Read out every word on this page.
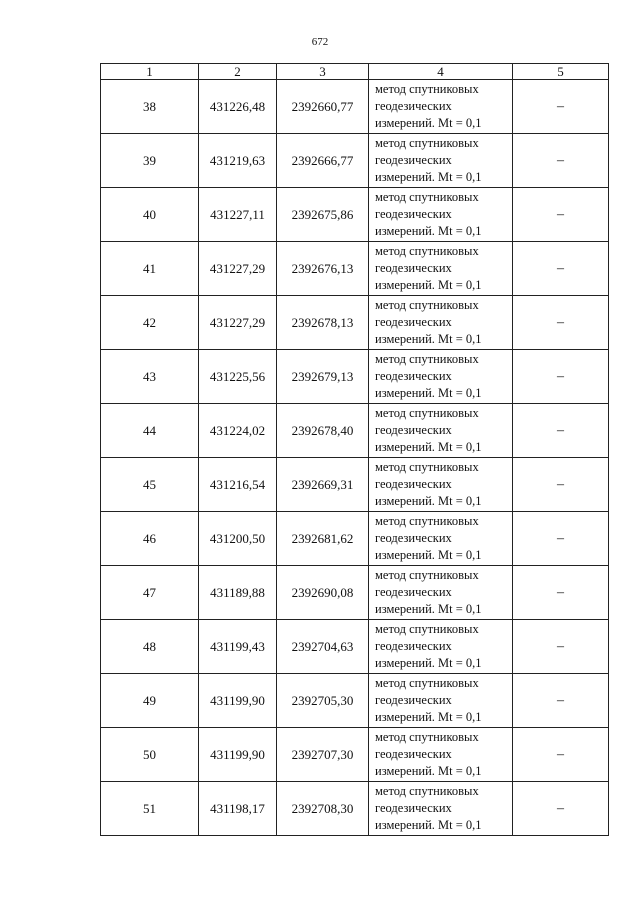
672
1	2	3	4	5
38	431226,48	2392660,77	метод спутниковых
геодезических
измерений. Mt = 0,1	–
39	431219,63	2392666,77	метод спутниковых
геодезических
измерений. Mt = 0,1	–
40	431227,11	2392675,86	метод спутниковых
геодезических
измерений. Mt = 0,1	–
41	431227,29	2392676,13	метод спутниковых
геодезических
измерений. Mt = 0,1	–
42	431227,29	2392678,13	метод спутниковых
геодезических
измерений. Mt = 0,1	–
43	431225,56	2392679,13	метод спутниковых
геодезических
измерений. Mt = 0,1	–
44	431224,02	2392678,40	метод спутниковых
геодезических
измерений. Mt = 0,1	–
45	431216,54	2392669,31	метод спутниковых
геодезических
измерений. Mt = 0,1	–
46	431200,50	2392681,62	метод спутниковых
геодезических
измерений. Mt = 0,1	–
47	431189,88	2392690,08	метод спутниковых
геодезических
измерений. Mt = 0,1	–
48	431199,43	2392704,63	метод спутниковых
геодезических
измерений. Mt = 0,1	–
49	431199,90	2392705,30	метод спутниковых
геодезических
измерений. Mt = 0,1	–
50	431199,90	2392707,30	метод спутниковых
геодезических
измерений. Mt = 0,1	–
51	431198,17	2392708,30	метод спутниковых
геодезических
измерений. Mt = 0,1	–
